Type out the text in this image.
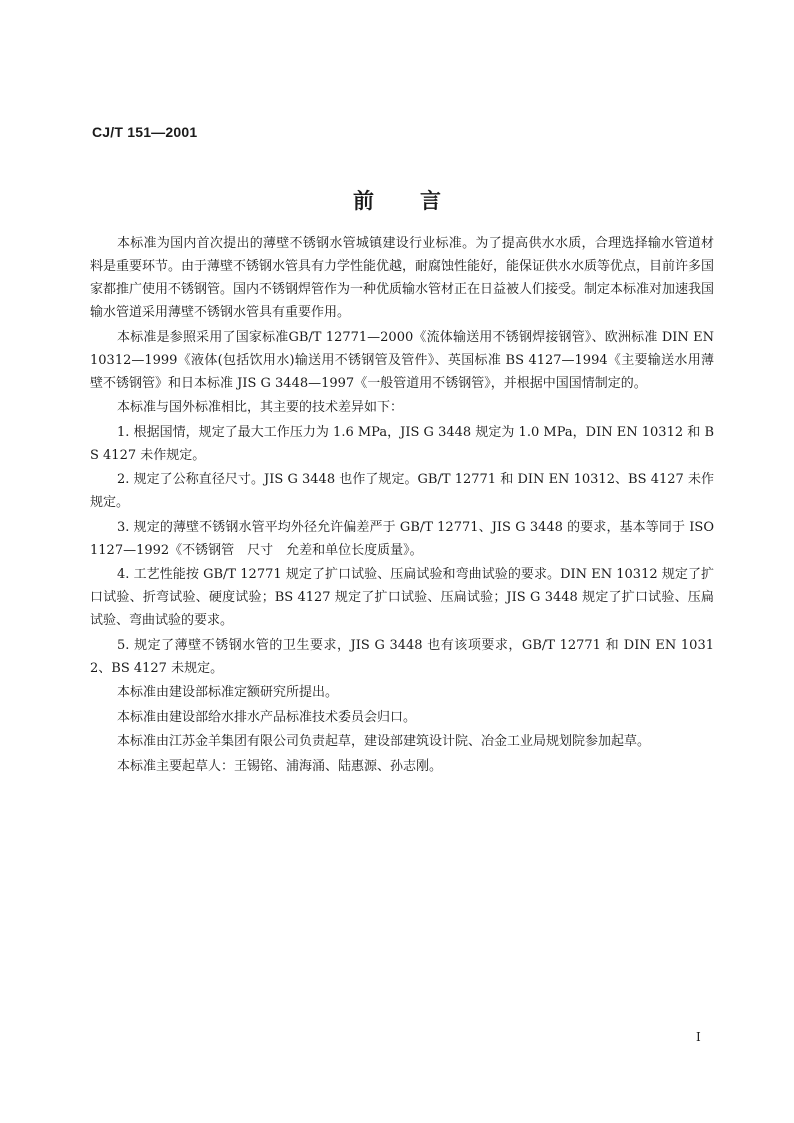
CJ/T 151—2001
前言

本标准为国内首次提出的薄壁不锈钢水管城镇建设行业标准。为了提高供水水质，合理选择输水管道材料是重要环节。由于薄壁不锈钢水管具有力学性能优越，耐腐蚀性能好，能保证供水水质等优点，目前许多国家都推广使用不锈钢管。国内不锈钢焊管作为一种优质输水管材正在日益被人们接受。制定本标准对加速我国输水管道采用薄壁不锈钢水管具有重要作用。

本标准是参照采用了国家标准GB/T 12771—2000《流体输送用不锈钢焊接钢管》、欧洲标准 DIN EN 10312—1999《液体(包括饮用水)输送用不锈钢管及管件》、英国标准 BS 4127—1994《主要输送水用薄壁不锈钢管》和日本标准 JIS G 3448—1997《一般管道用不锈钢管》，并根据中国国情制定的。

本标准与国外标准相比，其主要的技术差异如下：

1. 根据国情，规定了最大工作压力为 1.6 MPa，JIS G 3448 规定为 1.0 MPa，DIN EN 10312 和 BS 4127 未作规定。

2. 规定了公称直径尺寸。JIS G 3448 也作了规定。GB/T 12771 和 DIN EN 10312、BS 4127 未作规定。

3. 规定的薄壁不锈钢水管平均外径允许偏差严于 GB/T 12771、JIS G 3448 的要求，基本等同于 ISO 1127—1992《不锈钢管　尺寸　允差和单位长度质量》。

4. 工艺性能按 GB/T 12771 规定了扩口试验、压扁试验和弯曲试验的要求。DIN EN 10312 规定了扩口试验、折弯试验、硬度试验；BS 4127 规定了扩口试验、压扁试验；JIS G 3448 规定了扩口试验、压扁试验、弯曲试验的要求。

5. 规定了薄壁不锈钢水管的卫生要求，JIS G 3448 也有该项要求，GB/T 12771 和 DIN EN 10312、BS 4127 未规定。

本标准由建设部标准定额研究所提出。

本标准由建设部给水排水产品标准技术委员会归口。

本标准由江苏金羊集团有限公司负责起草，建设部建筑设计院、冶金工业局规划院参加起草。

本标准主要起草人：王锡铭、浦海涌、陆惠源、孙志刚。

I
